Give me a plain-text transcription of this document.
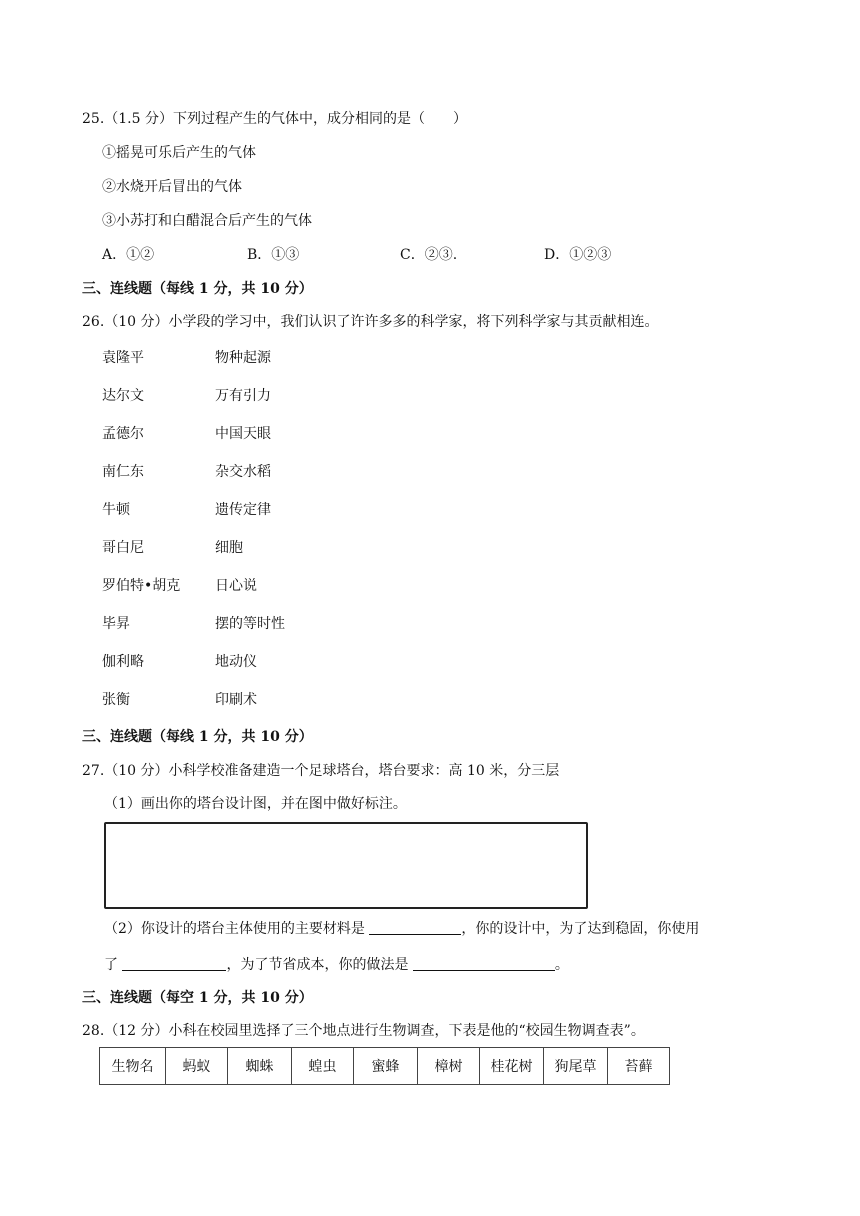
25.（1.5 分）下列过程产生的气体中，成分相同的是（　　）
①摇晃可乐后产生的气体
②水烧开后冒出的气体
③小苏打和白醋混合后产生的气体
A．①②	B．①③	C．②③.	D．①②③
三、连线题（每线 1 分，共 10 分）
26.（10 分）小学段的学习中，我们认识了许许多多的科学家，将下列科学家与其贡献相连。
袁隆平	物种起源
达尔文	万有引力
孟德尔	中国天眼
南仁东	杂交水稻
牛顿	遗传定律
哥白尼	细胞
罗伯特•胡克 日心说
毕昇	摆的等时性
伽利略	地动仪
张衡	印刷术
三、连线题（每线 1 分，共 10 分）
27.（10 分）小科学校准备建造一个足球塔台，塔台要求：高 10 米，分三层
（1）画出你的塔台设计图，并在图中做好标注。
（2）你设计的塔台主体使用的主要材料是	，你的设计中，为了达到稳固，你使用
了	，为了节省成本，你的做法是	。
三、连线题（每空 1 分，共 10 分）
28.（12 分）小科在校园里选择了三个地点进行生物调查，下表是他的“校园生物调查表”。
生物名	蚂蚁	蜘蛛	蝗虫	蜜蜂	樟树	桂花树	狗尾草	苔藓
